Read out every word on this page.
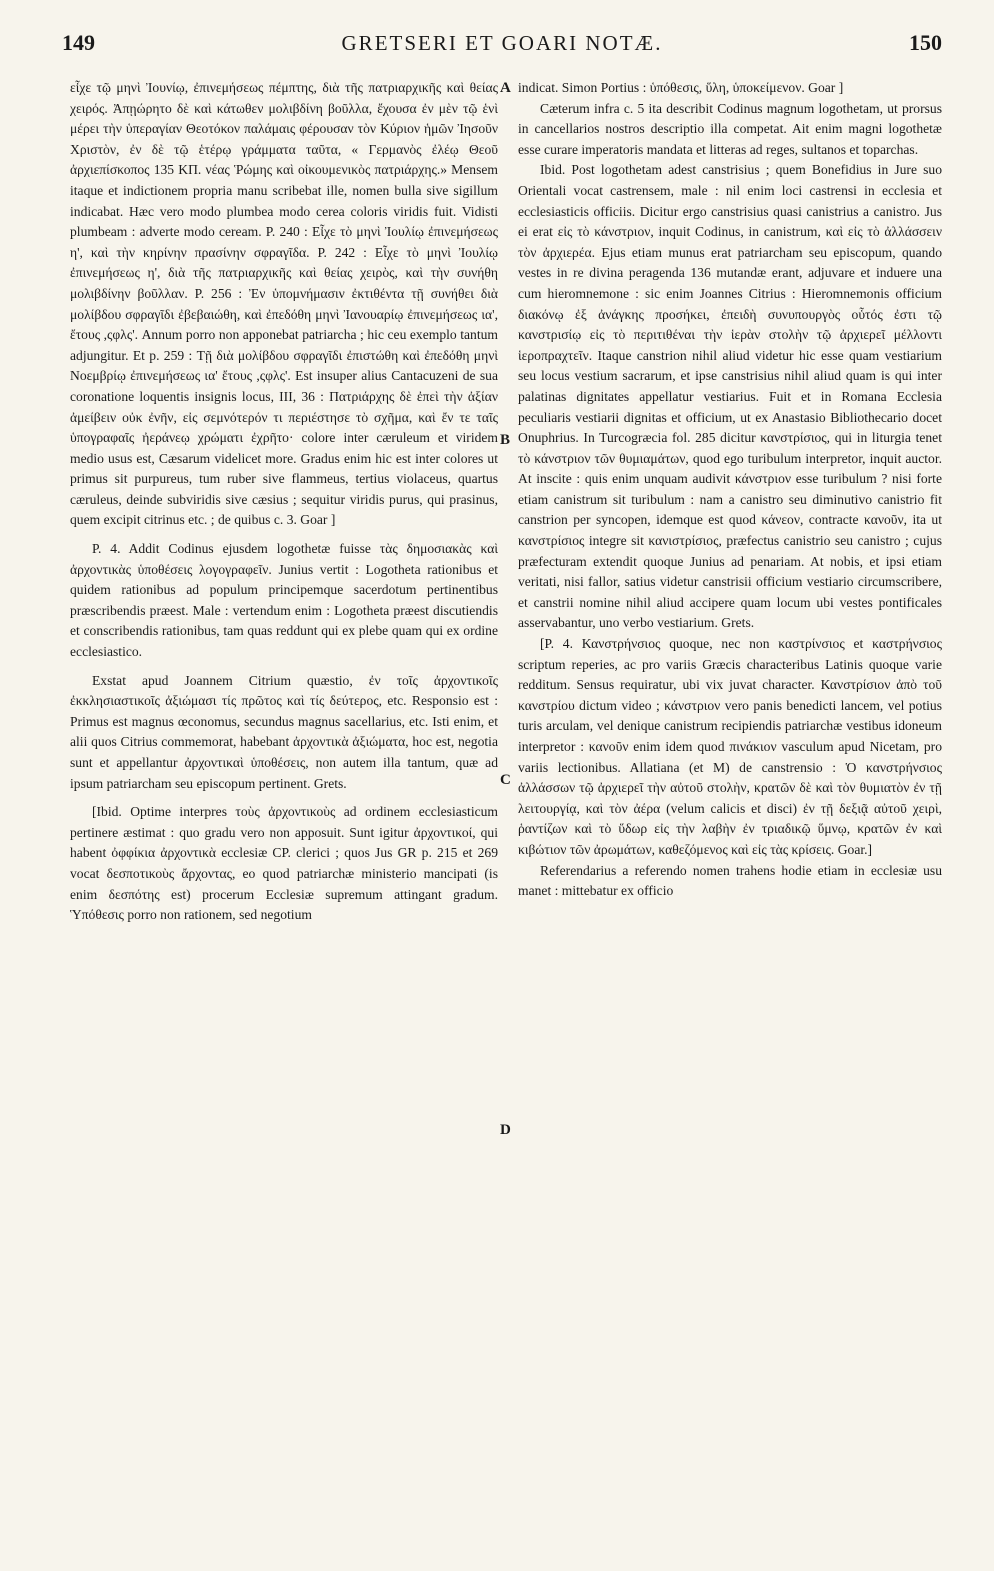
149	GRETSERI ET GOARI NOTÆ.	150
A
B
C
D

εἶχε τῷ μηνὶ Ἰουνίῳ, ἐπινεμήσεως πέμπτης, διὰ τῆς πατριαρχικῆς καὶ θείας χειρός. Ἀπῃώρητο δὲ καὶ κάτωθεν μολιβδίνη βοῦλλα, ἔχουσα ἐν μὲν τῷ ἑνὶ μέρει τὴν ὑπεραγίαν Θεοτόκον παλάμαις φέρουσαν τὸν Κύριον ἡμῶν Ἰησοῦν Χριστὸν, ἐν δὲ τῷ ἑτέρῳ γράμματα ταῦτα, « Γερμανὸς ἐλέῳ Θεοῦ ἀρχιεπίσκοπος 135 ΚΠ. νέας Ῥώμης καὶ οἰκουμενικὸς πατριάρχης.» Mensem itaque et indictionem propria manu scribebat ille, nomen bulla sive sigillum indicabat. Hæc vero modo plumbea modo cerea coloris viridis fuit. Vidisti plumbeam : adverte modo ceream. P. 240 : Εἶχε τὸ μηνὶ Ἰουλίῳ ἐπινεμήσεως η', καὶ τὴν κηρίνην πρασίνην σφραγῖδα. P. 242 : Εἶχε τὸ μηνὶ Ἰουλίῳ ἐπινεμήσεως η', διὰ τῆς πατριαρχικῆς καὶ θείας χειρὸς, καὶ τὴν συνήθη μολιβδίνην βοῦλλαν. P. 256 : Ἐν ὑπομνήμασιν ἐκτιθέντα τῇ συνήθει διὰ μολίβδου σφραγῖδι ἐβεβαιώθη, καὶ ἐπεδόθη μηνὶ Ἰανουαρίῳ ἐπινεμήσεως ια', ἔτους ,ςφλς'. Annum porro non apponebat patriarcha ; hic ceu exemplo tantum adjungitur. Et p. 259 : Τῇ διὰ μολίβδου σφραγῖδι ἐπιστώθη καὶ ἐπεδόθη μηνὶ Νοεμβρίῳ ἐπινεμήσεως ια' ἔτους ,ςφλς'. Est insuper alius Cantacuzeni de sua coronatione loquentis insignis locus, III, 36 : Πατριάρχης δὲ ἐπεὶ τὴν ἀξίαν ἀμείβειν οὐκ ἐνῆν, εἰς σεμνότερόν τι περιέστησε τὸ σχῆμα, καὶ ἔν τε ταῖς ὑπογραφαῖς ἠεράνεῳ χρώματι ἐχρῆτο· colore inter cæruleum et viridem medio usus est, Cæsarum videlicet more. Gradus enim hic est inter colores ut primus sit purpureus, tum ruber sive flammeus, tertius violaceus, quartus cæruleus, deinde subviridis sive cæsius ; sequitur viridis purus, qui prasinus, quem excipit citrinus etc. ; de quibus c. 3. Goar ]

P. 4. Addit Codinus ejusdem logothetæ fuisse τὰς δημοσιακὰς καὶ ἀρχοντικὰς ὑποθέσεις λογογραφεῖν. Junius vertit : Logotheta rationibus et quidem rationibus ad populum principemque sacerdotum pertinentibus præscribendis præest. Male : vertendum enim : Logotheta præest discutiendis et conscribendis rationibus, tam quas reddunt qui ex plebe quam qui ex ordine ecclesiastico.

Exstat apud Joannem Citrium quæstio, ἐν τοῖς ἀρχοντικοῖς ἐκκλησιαστικοῖς ἀξιώμασι τίς πρῶτος καὶ τίς δεύτερος, etc. Responsio est : Primus est magnus œconomus, secundus magnus sacellarius, etc. Isti enim, et alii quos Citrius commemorat, habebant ἀρχοντικὰ ἀξιώματα, hoc est, negotia sunt et appellantur ἀρχοντικαὶ ὑποθέσεις, non autem illa tantum, quæ ad ipsum patriarcham seu episcopum pertinent. Grets.

[Ibid. Optime interpres τοὺς ἀρχοντικοὺς ad ordinem ecclesiasticum pertinere æstimat : quo gradu vero non apposuit. Sunt igitur ἀρχοντικοί, qui habent ὀφφίκια ἀρχοντικὰ ecclesiæ CP. clerici ; quos Jus GR p. 215 et 269 vocat δεσποτικοὺς ἄρχοντας, eo quod patriarchæ ministerio mancipati (is enim δεσπότης est) procerum Ecclesiæ supremum attingant gradum. Ὑπόθεσις porro non rationem, sed negotium

indicat. Simon Portius : ὑπόθεσις, ὕλη, ὑποκείμενον. Goar ]

Cæterum infra c. 5 ita describit Codinus magnum logothetam, ut prorsus in cancellarios nostros descriptio illa competat. Ait enim magni logothetæ esse curare imperatoris mandata et litteras ad reges, sultanos et toparchas.

Ibid. Post logothetam adest canstrisius ; quem Bonefidius in Jure suo Orientali vocat castrensem, male : nil enim loci castrensi in ecclesia et ecclesiasticis officiis. Dicitur ergo canstrisius quasi canistrius a canistro. Jus ei erat εἰς τὸ κάνστριον, inquit Codinus, in canistrum, καὶ εἰς τὸ ἀλλάσσειν τὸν ἀρχιερέα. Ejus etiam munus erat patriarcham seu episcopum, quando vestes in re divina peragenda 136 mutandæ erant, adjuvare et induere una cum hieromnemone : sic enim Joannes Citrius : Hieromnemonis officium διακόνῳ ἐξ ἀνάγκης προσήκει, ἐπειδὴ συνυπουργὸς οὗτός ἐστι τῷ κανστρισίῳ εἰς τὸ περιτιθέναι τὴν ἱερὰν στολὴν τῷ ἀρχιερεῖ μέλλοντι ἱεροπραχτεῖν. Itaque canstrion nihil aliud videtur hic esse quam vestiarium seu locus vestium sacrarum, et ipse canstrisius nihil aliud quam is qui inter palatinas dignitates appellatur vestiarius. Fuit et in Romana Ecclesia peculiaris vestiarii dignitas et officium, ut ex Anastasio Bibliothecario docet Onuphrius. In Turcogræcia fol. 285 dicitur κανστρίσιος, qui in liturgia tenet τὸ κάνστριον τῶν θυμιαμάτων, quod ego turibulum interpretor, inquit auctor. At inscite : quis enim unquam audivit κάνστριον esse turibulum ? nisi forte etiam canistrum sit turibulum : nam a canistro seu diminutivo canistrio fit canstrion per syncopen, idemque est quod κάνεον, contracte κανοῦν, ita ut κανστρίσιος integre sit κανιστρίσιος, præfectus canistrio seu canistro ; cujus præfecturam extendit quoque Junius ad penariam. At nobis, et ipsi etiam veritati, nisi fallor, satius videtur canstrisii officium vestiario circumscribere, et canstrii nomine nihil aliud accipere quam locum ubi vestes pontificales asservabantur, uno verbo vestiarium. Grets.

[P. 4. Κανστρήνσιος quoque, nec non καστρίνσιος et καστρήνσιος scriptum reperies, ac pro variis Græcis characteribus Latinis quoque varie redditum. Sensus requiratur, ubi vix juvat character. Κανστρίσιον ἀπὸ τοῦ κανστρίου dictum video ; κάνστριον vero panis benedicti lancem, vel potius turis arculam, vel denique canistrum recipiendis patriarchæ vestibus idoneum interpretor : κανοῦν enim idem quod πινάκιον vasculum apud Nicetam, pro variis lectionibus. Allatiana (et M) de canstrensio : Ὁ κανστρήνσιος ἀλλάσσων τῷ ἀρχιερεῖ τὴν αὐτοῦ στολὴν, κρατῶν δὲ καὶ τὸν θυμιατὸν ἐν τῇ λειτουργίᾳ, καὶ τὸν ἀέρα (velum calicis et disci) ἐν τῇ δεξιᾷ αὐτοῦ χειρὶ, ῥαντίζων καὶ τὸ ὕδωρ εἰς τὴν λαβὴν ἐν τριαδικῷ ὕμνῳ, κρατῶν ἐν καὶ κιβώτιον τῶν ἀρωμάτων, καθεζόμενος καὶ εἰς τὰς κρίσεις. Goar.]

Referendarius a referendo nomen trahens hodie etiam in ecclesiæ usu manet : mittebatur ex officio
